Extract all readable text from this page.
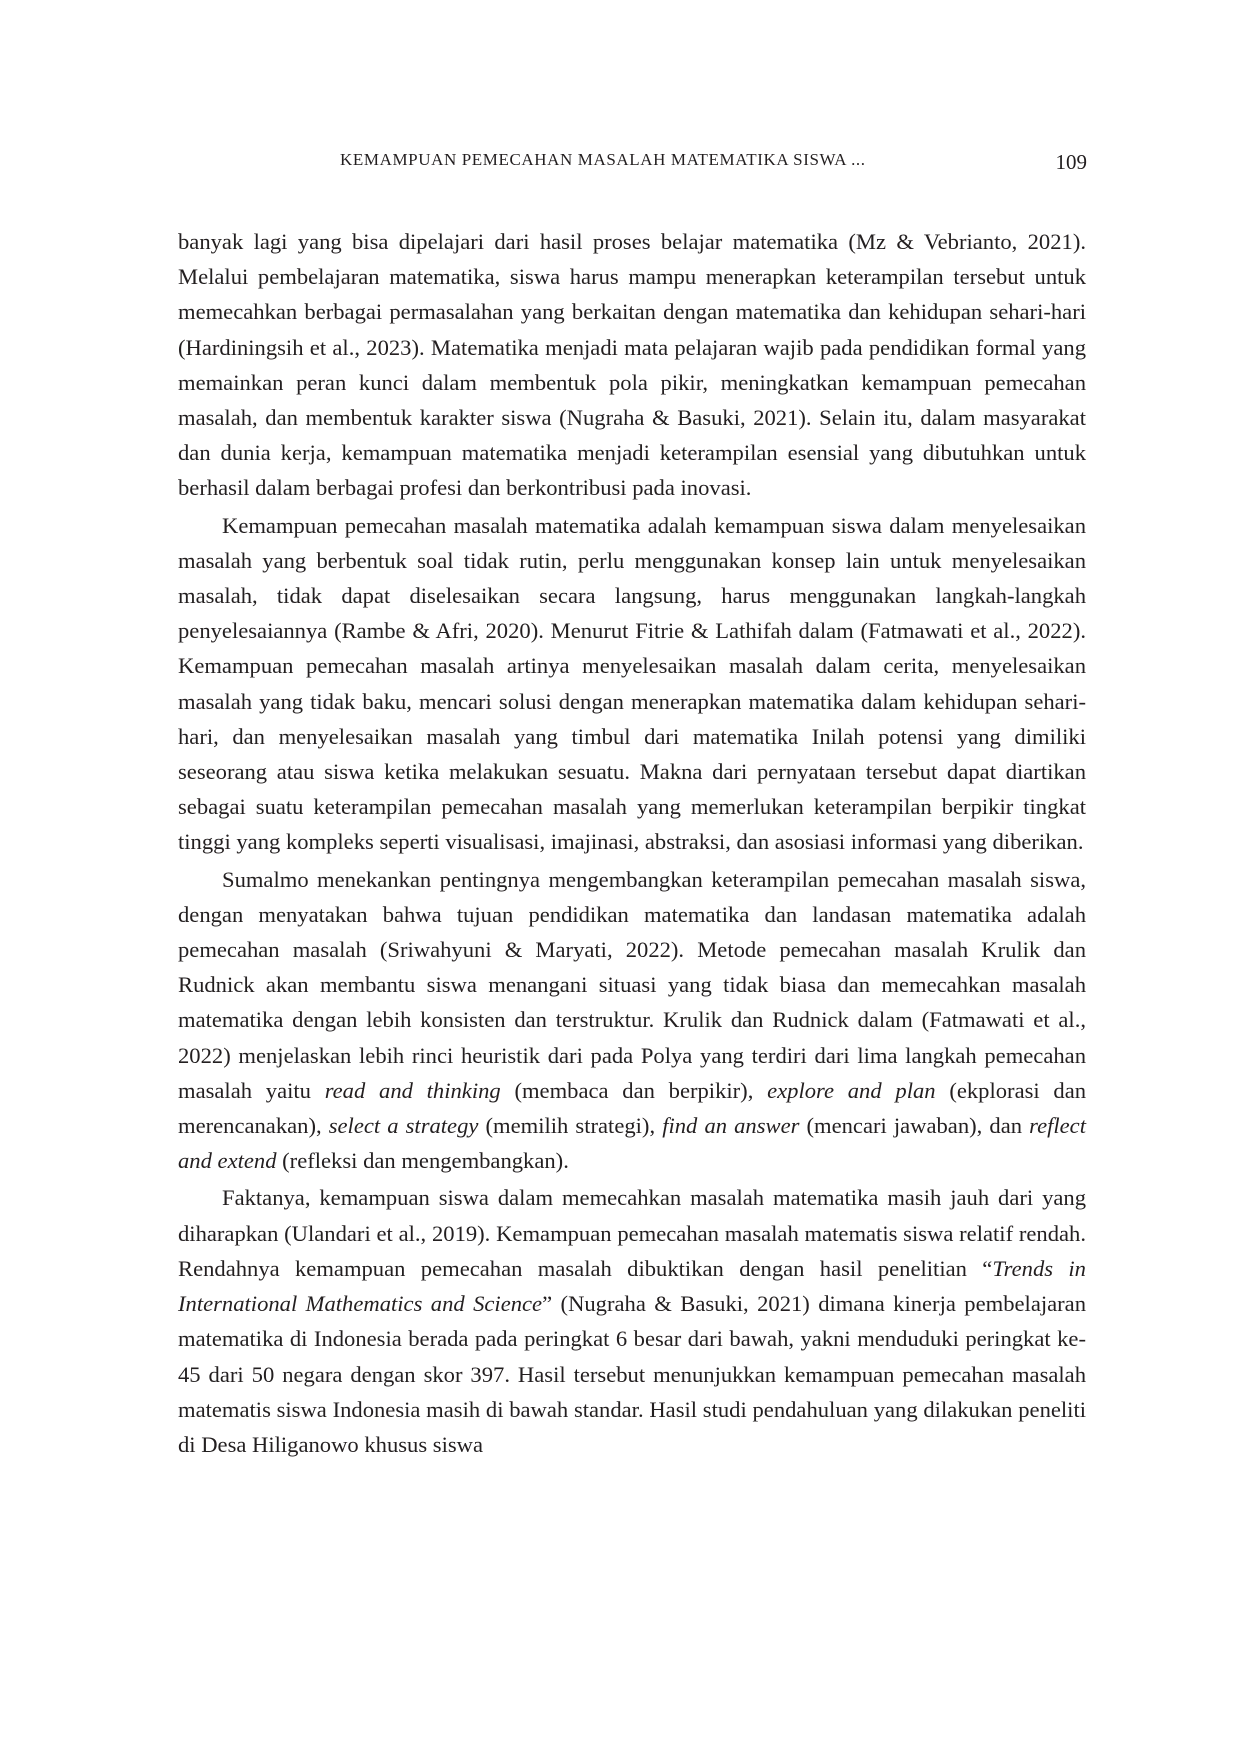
KEMAMPUAN PEMECAHAN MASALAH MATEMATIKA SISWA ...	109

banyak lagi yang bisa dipelajari dari hasil proses belajar matematika (Mz & Vebrianto, 2021). Melalui pembelajaran matematika, siswa harus mampu menerapkan keterampilan tersebut untuk memecahkan berbagai permasalahan yang berkaitan dengan matematika dan kehidupan sehari-hari (Hardiningsih et al., 2023). Matematika menjadi mata pelajaran wajib pada pendidikan formal yang memainkan peran kunci dalam membentuk pola pikir, meningkatkan kemampuan pemecahan masalah, dan membentuk karakter siswa (Nugraha & Basuki, 2021). Selain itu, dalam masyarakat dan dunia kerja, kemampuan matematika menjadi keterampilan esensial yang dibutuhkan untuk berhasil dalam berbagai profesi dan berkontribusi pada inovasi.

Kemampuan pemecahan masalah matematika adalah kemampuan siswa dalam menyelesaikan masalah yang berbentuk soal tidak rutin, perlu menggunakan konsep lain untuk menyelesaikan masalah, tidak dapat diselesaikan secara langsung, harus menggunakan langkah-langkah penyelesaiannya (Rambe & Afri, 2020). Menurut Fitrie & Lathifah dalam (Fatmawati et al., 2022). Kemampuan pemecahan masalah artinya menyelesaikan masalah dalam cerita, menyelesaikan masalah yang tidak baku, mencari solusi dengan menerapkan matematika dalam kehidupan sehari-hari, dan menyelesaikan masalah yang timbul dari matematika Inilah potensi yang dimiliki seseorang atau siswa ketika melakukan sesuatu. Makna dari pernyataan tersebut dapat diartikan sebagai suatu keterampilan pemecahan masalah yang memerlukan keterampilan berpikir tingkat tinggi yang kompleks seperti visualisasi, imajinasi, abstraksi, dan asosiasi informasi yang diberikan.

Sumalmo menekankan pentingnya mengembangkan keterampilan pemecahan masalah siswa, dengan menyatakan bahwa tujuan pendidikan matematika dan landasan matematika adalah pemecahan masalah (Sriwahyuni & Maryati, 2022). Metode pemecahan masalah Krulik dan Rudnick akan membantu siswa menangani situasi yang tidak biasa dan memecahkan masalah matematika dengan lebih konsisten dan terstruktur. Krulik dan Rudnick dalam (Fatmawati et al., 2022) menjelaskan lebih rinci heuristik dari pada Polya yang terdiri dari lima langkah pemecahan masalah yaitu read and thinking (membaca dan berpikir), explore and plan (ekplorasi dan merencanakan), select a strategy (memilih strategi), find an answer (mencari jawaban), dan reflect and extend (refleksi dan mengembangkan).

Faktanya, kemampuan siswa dalam memecahkan masalah matematika masih jauh dari yang diharapkan (Ulandari et al., 2019). Kemampuan pemecahan masalah matematis siswa relatif rendah. Rendahnya kemampuan pemecahan masalah dibuktikan dengan hasil penelitian “Trends in International Mathematics and Science” (Nugraha & Basuki, 2021) dimana kinerja pembelajaran matematika di Indonesia berada pada peringkat 6 besar dari bawah, yakni menduduki peringkat ke-45 dari 50 negara dengan skor 397. Hasil tersebut menunjukkan kemampuan pemecahan masalah matematis siswa Indonesia masih di bawah standar. Hasil studi pendahuluan yang dilakukan peneliti di Desa Hiliganowo khusus siswa
